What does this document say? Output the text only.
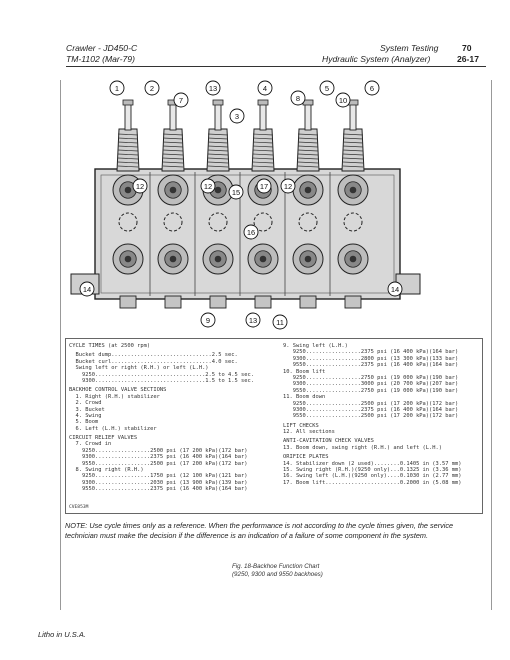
Crawler - JD450-C
TM-1102 (Mar-79)
System Testing
Hydraulic System (Analyzer)
70
26-17
1	2
7
13
3
4
8
5
10
6
12	12
15
17 12
16
14	14
9	11
13
CYCLE TIMES (at 2500 rpm)
Bucket dump...............................2.5 sec.
Bucket curl...............................4.0 sec.
Swing left or right (R.H.) or left (L.H.)
9250..................................2.5 to 4.5 sec.
9300..................................1.5 to 1.5 sec.
BACKHOE CONTROL VALVE SECTIONS
1. Right (R.H.) stabilizer
2. Crowd
3. Bucket
4. Swing
5. Boom
6. Left (L.H.) stabilizer
CIRCUIT RELIEF VALVES
7. Crowd in
9250.................2500 psi (17 200 kPa)(172 bar)
9300.................2375 psi (16 400 kPa)(164 bar)
9550.................2500 psi (17 200 kPa)(172 bar)
8. Swing right (R.H.)
9250.................1750 psi (12 100 kPa)(121 bar)
9300.................2030 psi (13 900 kPa)(139 bar)
9550.................2375 psi (16 400 kPa)(164 bar)
9. Swing left (L.H.)
9250.................2375 psi (16 400 kPa)(164 bar)
9300.................2800 psi (13 300 kPa)(133 bar)
9550.................2375 psi (16 400 kPa)(164 bar)
10. Boom lift
9250.................2750 psi (19 000 kPa)(190 bar)
9300.................3000 psi (20 700 kPa)(207 bar)
9550.................2750 psi (19 000 kPa)(190 bar)
11. Boom down
9250.................2500 psi (17 200 kPa)(172 bar)
9300.................2375 psi (16 400 kPa)(164 bar)
9550.................2500 psi (17 200 kPa)(172 bar)
LIFT CHECKS
12. All sections
ANTI-CAVITATION CHECK VALVES
13. Boom down, swing right (R.H.) and left (L.H.)
ORIFICE PLATES
14. Stabilizer down (2 used)........0.1405 in (3.57 mm)
15. Swing right (R.H.)(9250 only)...0.1325 in (3.36 mm)
16. Swing left (L.H.)(9250 only)....0.1030 in (2.77 mm)
17. Boom lift.......................0.2000 in (5.08 mm)
CVE853M
NOTE: Use cycle times only as a reference. When the performance is not according to the cycle times given, the service technician must make the decision if the difference is an indication of a failure of some component in the system.
Fig. 18-Backhoe Function Chart
(9250, 9300 and 9550 backhoes)
Litho in U.S.A.
